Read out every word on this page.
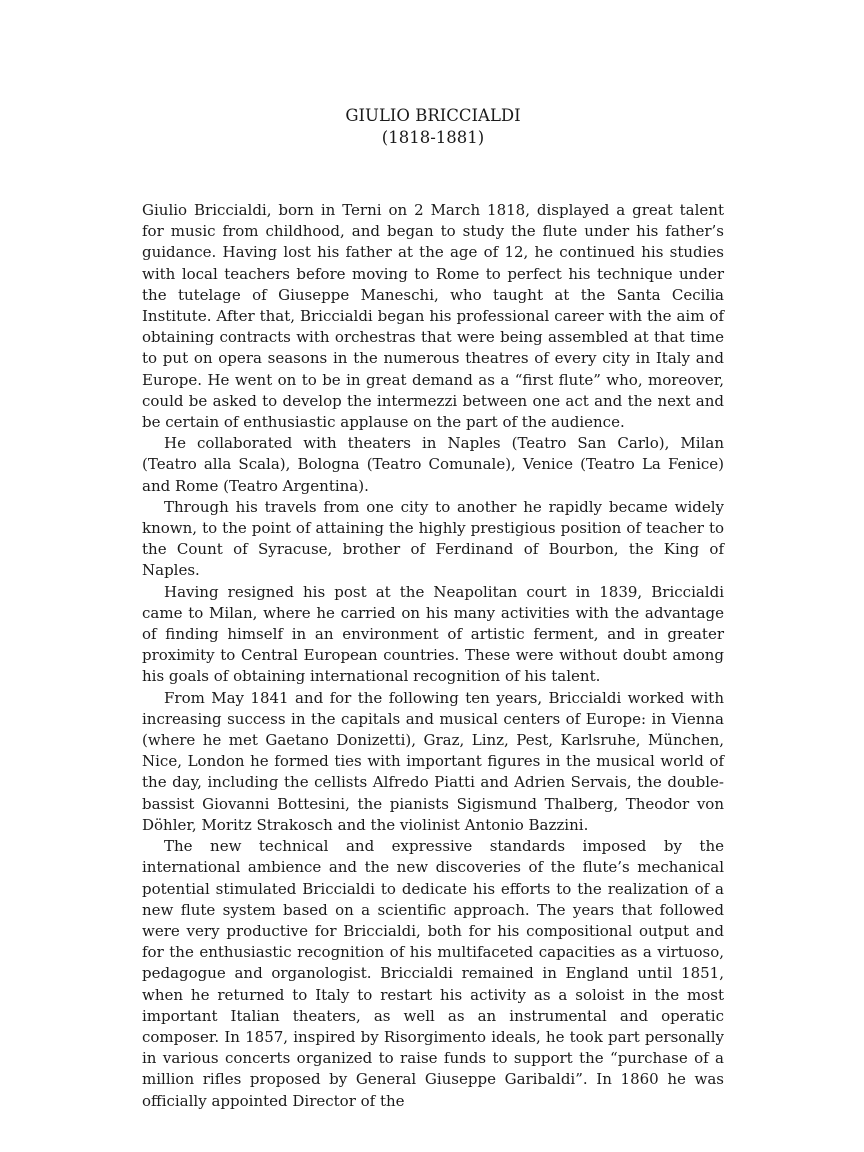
GIULIO BRICCIALDI
(1818-1881)

Giulio Briccialdi, born in Terni on 2 March 1818, displayed a great talent for music from childhood, and began to study the flute under his father’s guidance. Having lost his father at the age of 12, he continued his studies with local teachers before moving to Rome to perfect his technique under the tutelage of Giuseppe Maneschi, who taught at the Santa Cecilia Institute. After that, Briccialdi began his professional career with the aim of obtaining contracts with orchestras that were being assembled at that time to put on opera seasons in the numerous theatres of every city in Italy and Europe. He went on to be in great demand as a “first flute” who, moreover, could be asked to develop the intermezzi between one act and the next and be certain of enthusiastic applause on the part of the audience.

He collaborated with theaters in Naples (Teatro San Carlo), Milan (Teatro alla Scala), Bologna (Teatro Comunale), Venice (Teatro La Fenice) and Rome (Teatro Argentina).

Through his travels from one city to another he rapidly became widely known, to the point of attaining the highly prestigious position of teacher to the Count of Syracuse, brother of Ferdinand of Bourbon, the King of Naples.

Having resigned his post at the Neapolitan court in 1839, Briccialdi came to Milan, where he carried on his many activities with the advantage of finding himself in an environment of artistic ferment, and in greater proximity to Central European countries. These were without doubt among his goals of obtaining international recognition of his talent.

From May 1841 and for the following ten years, Briccialdi worked with increasing success in the capitals and musical centers of Europe: in Vienna (where he met Gaetano Donizetti), Graz, Linz, Pest, Karlsruhe, München, Nice, London he formed ties with important figures in the musical world of the day, including the cellists Alfredo Piatti and Adrien Servais, the double-bassist Giovanni Bottesini, the pianists Sigismund Thalberg, Theodor von Döhler, Moritz Strakosch and the violinist Antonio Bazzini.

The new technical and expressive standards imposed by the international ambience and the new discoveries of the flute’s mechanical potential stimulated Briccialdi to dedicate his efforts to the realization of a new flute system based on a scientific approach. The years that followed were very productive for Briccialdi, both for his compositional output and for the enthusiastic recognition of his multifaceted capacities as a virtuoso, pedagogue and organologist. Briccialdi remained in England until 1851, when he returned to Italy to restart his activity as a soloist in the most important Italian theaters, as well as an instrumental and operatic composer. In 1857, inspired by Risorgimento ideals, he took part personally in various concerts organized to raise funds to support the “purchase of a million rifles proposed by General Giuseppe Garibaldi”. In 1860 he was officially appointed Director of the
